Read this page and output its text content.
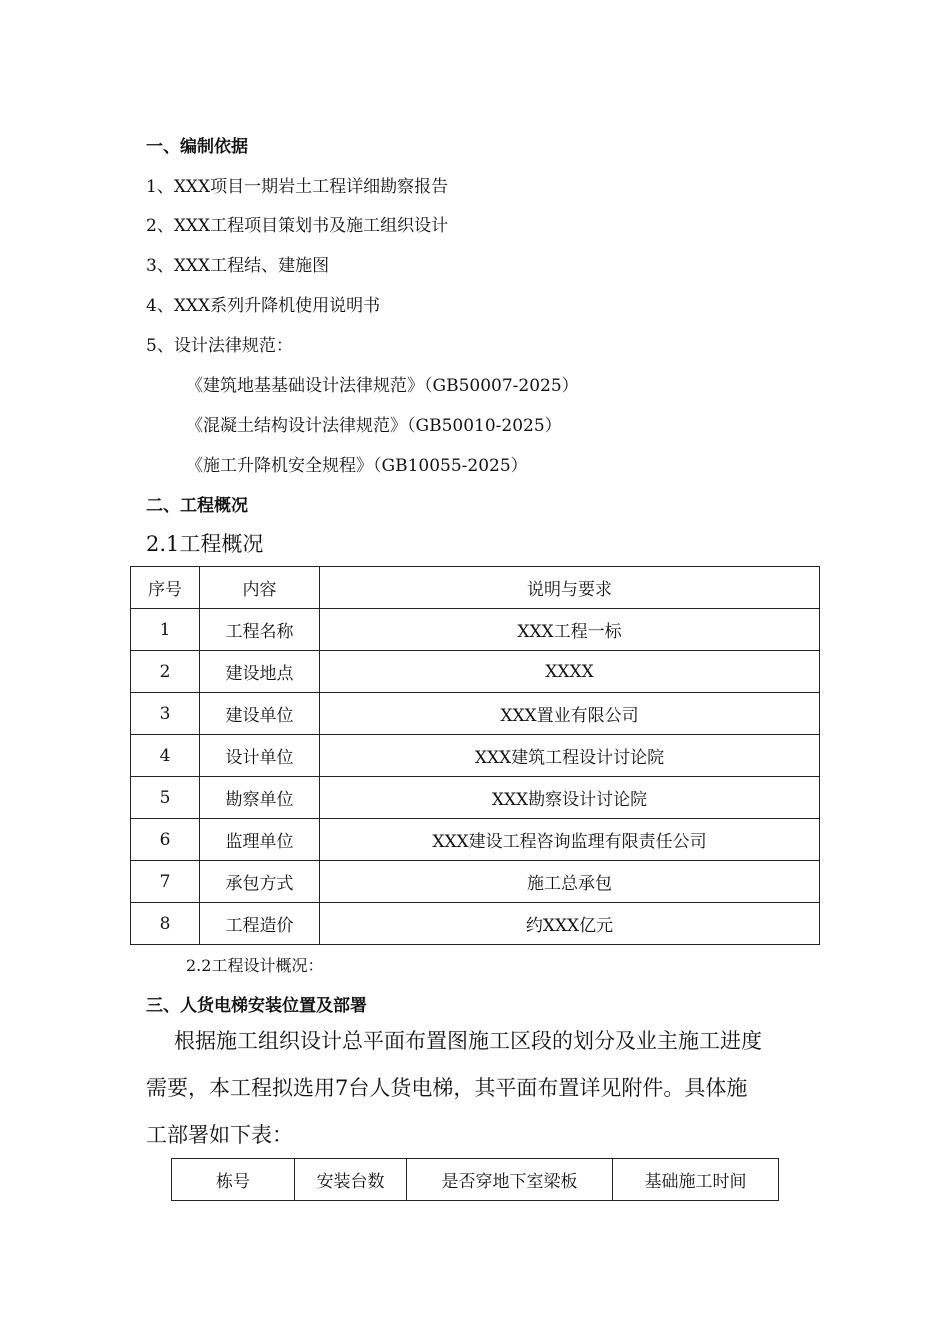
一、编制依据
1、XXX项目一期岩土工程详细勘察报告
2、XXX工程项目策划书及施工组织设计
3、XXX工程结、建施图
4、XXX系列升降机使用说明书
5、设计法律规范：
《建筑地基基础设计法律规范》（GB50007-2025）
《混凝土结构设计法律规范》（GB50010-2025）
《施工升降机安全规程》（GB10055-2025）
二、工程概况
2.1工程概况
序号	内容	说明与要求
1	工程名称	XXX工程一标
2	建设地点	XXXX
3	建设单位	XXX置业有限公司
4	设计单位	XXX建筑工程设计讨论院
5	勘察单位	XXX勘察设计讨论院
6	监理单位	XXX建设工程咨询监理有限责任公司
7	承包方式	施工总承包
8	工程造价	约XXX亿元
2.2工程设计概况：
三、人货电梯安装位置及部署
根据施工组织设计总平面布置图施工区段的划分及业主施工进度
需要，本工程拟选用7台人货电梯，其平面布置详见附件。具体施
工部署如下表：
栋号	安装台数	是否穿地下室梁板	基础施工时间
